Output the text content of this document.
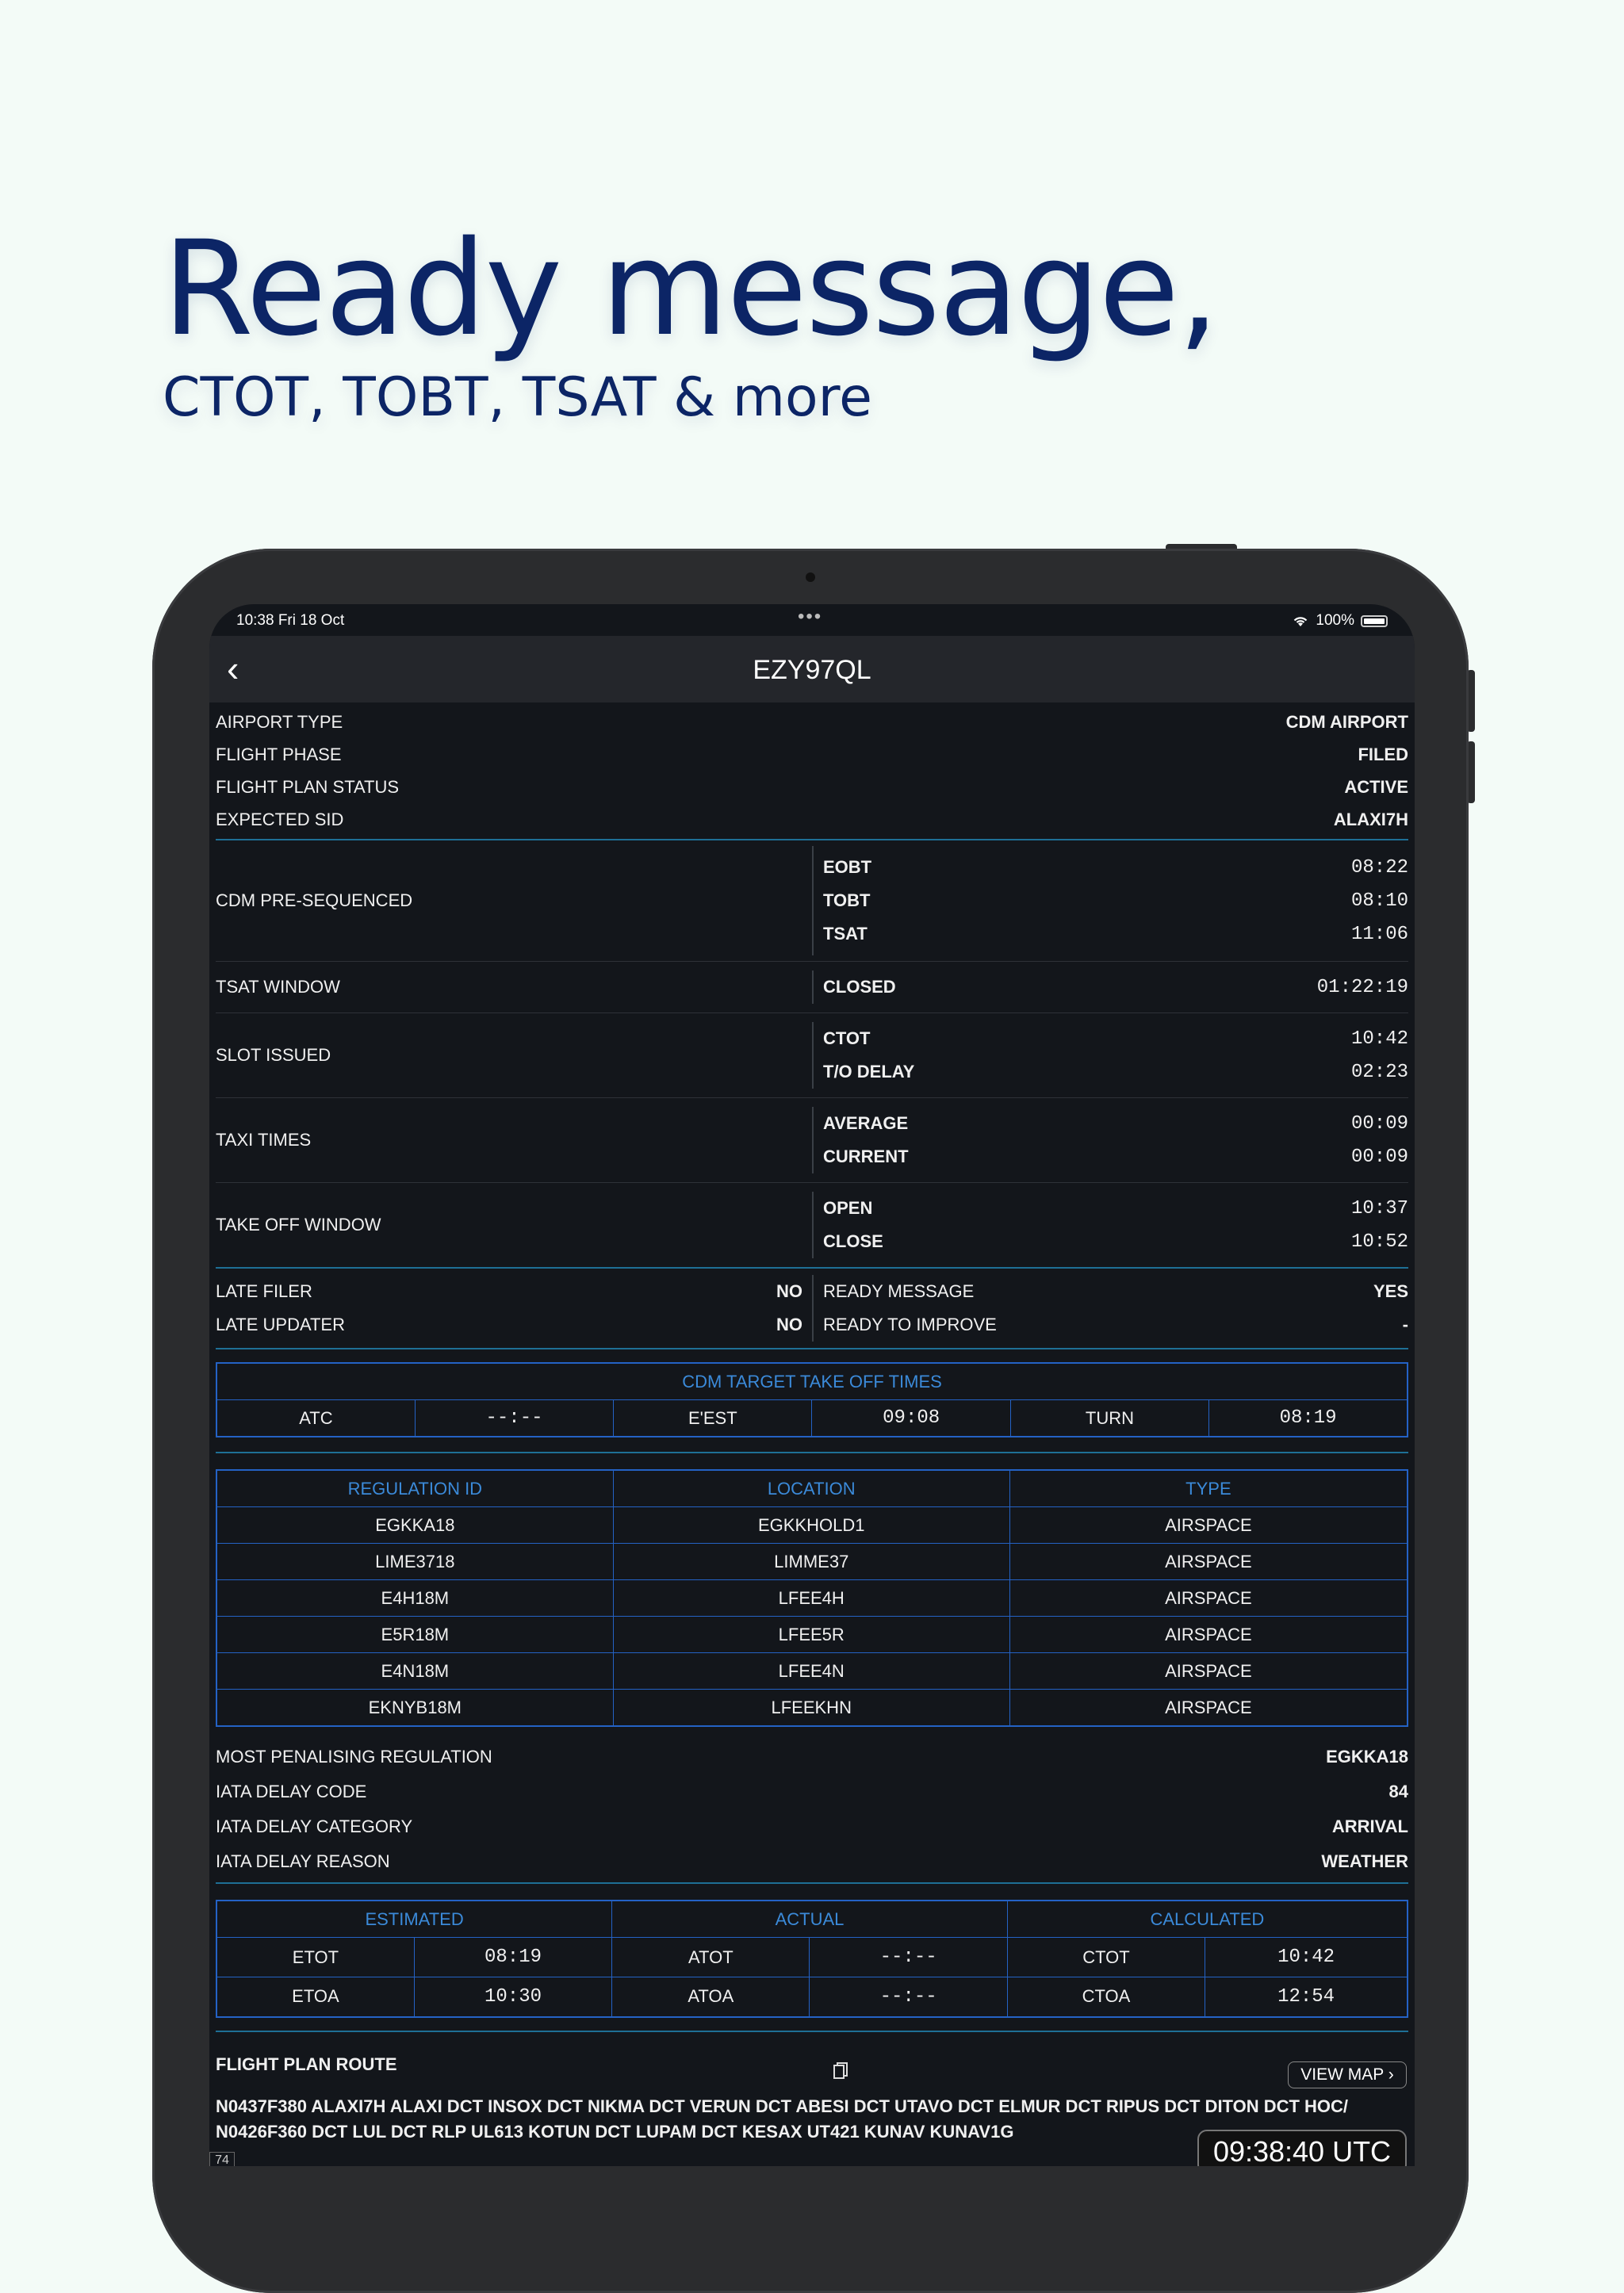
Ready message,
CTOT, TOBT, TSAT & more
10:38 Fri 18 Oct	•••	100%
‹	EZY97QL
AIRPORT TYPE	CDM AIRPORT
FLIGHT PHASE	FILED
FLIGHT PLAN STATUS	ACTIVE
EXPECTED SID	ALAXI7H
CDM PRE-SEQUENCED
EOBT	08:22
TOBT	08:10
TSAT	11:06
TSAT WINDOW	CLOSED	01:22:19
SLOT ISSUED
CTOT	10:42
T/O DELAY	02:23
TAXI TIMES
AVERAGE	00:09
CURRENT	00:09
TAKE OFF WINDOW
OPEN	10:37
CLOSE	10:52
LATE FILER	NO READY MESSAGE	YES
LATE UPDATER	NO READY TO IMPROVE	-
CDM TARGET TAKE OFF TIMES
ATC	--:--	E'EST	09:08	TURN	08:19
REGULATION ID	LOCATION	TYPE
EGKKA18	EGKKHOLD1	AIRSPACE
LIME3718	LIMME37	AIRSPACE
E4H18M	LFEE4H	AIRSPACE
E5R18M	LFEE5R	AIRSPACE
E4N18M	LFEE4N	AIRSPACE
EKNYB18M	LFEEKHN	AIRSPACE
MOST PENALISING REGULATION	EGKKA18
IATA DELAY CODE	84
IATA DELAY CATEGORY	ARRIVAL
IATA DELAY REASON	WEATHER
ESTIMATED		ACTUAL		CALCULATED	
ETOT	08:19	ATOT	--:--	CTOT	10:42
ETOA	10:30	ATOA	--:--	CTOA	12:54
FLIGHT PLAN ROUTE
N0437F380 ALAXI7H ALAXI DCT INSOX DCT NIKMA DCT VERUN DCT ABESI DCT UTAVO DCT ELMUR DCT RIPUS DCT DITON DCT HOC/
N0426F360 DCT LUL DCT RLP UL613 KOTUN DCT LUPAM DCT KESAX UT421 KUNAV KUNAV1G
VIEW MAP ›
74	09:38:40 UTC
